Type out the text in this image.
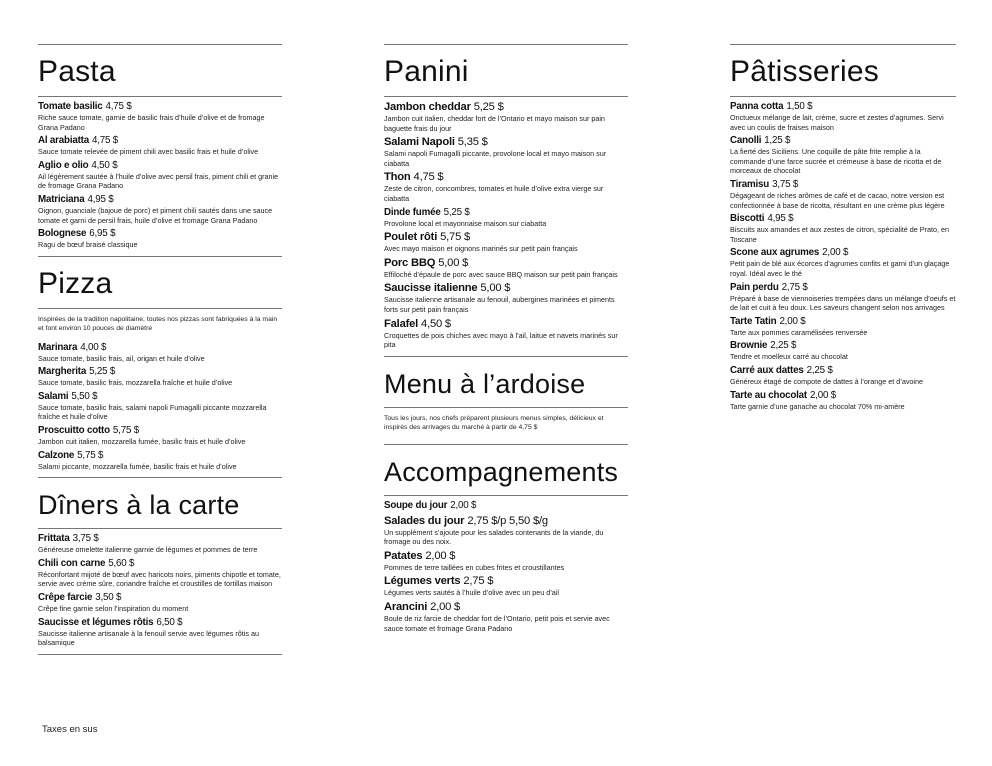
Pasta
Tomate basilic 4,75 $
Riche sauce tomate, garnie de basilic frais d’huile d’olive et de fromage Grana Padano
Al arabiatta 4,75 $
Sauce tomate relevée de piment chili avec basilic frais et huile d’olive
Aglio e olio 4,50 $
Ail légèrement sautée à l’huile d’olive avec persil frais, piment chili et granie de fromage Grana Padano
Matriciana 4,95 $
Oignon, guanciale (bajoue de porc) et piment chili sautés dans une sauce tomate et garni de persil frais, huile d’olive et fromage Grana Padano
Bolognese 6,95 $
Ragu de bœuf braisé classique
Pizza
Inspirées de la tradition napolitaine, toutes nos pizzas sont fabriquées à la main et font environ 10 pouces de diamètre
Marinara 4,00 $
Sauce tomate, basilic frais, ail, origan et huile d’olive
Margherita 5,25 $
Sauce tomate, basilic frais, mozzarella fraîche et huile d’olive
Salami 5,50 $
Sauce tomate, basilic frais, salami napoli Fumagalli piccante mozzarella fraîche et huile d’olive
Proscuitto cotto 5,75 $
Jambon cuit italien, mozzarella fumée, basilic frais et huile d’olive
Calzone 5,75 $
Salami piccante, mozzarella fumée, basilic frais et huile d’olive
Dîners à la carte
Frittata 3,75 $
Généreuse omelette italienne garnie de légumes et pommes de terre
Chili con carne 5,60 $
Réconfortant mijoté de bœuf avec haricots noirs, piments chipotle et tomate, servie avec crème sûre, coriandre fraîche et croustilles de tortillas maison
Crêpe farcie 3,50 $
Crêpe fine garnie selon l’inspiration du moment
Saucisse et légumes rôtis 6,50 $
Saucisse italienne artisanale à la fenouil servie avec légumes rôtis au balsamique
Panini
Jambon cheddar 5,25 $
Jambon cuit italien, cheddar fort de l’Ontario et mayo maison sur pain baguette frais du jour
Salami Napoli 5,35 $
Salami napoli Fumagalli piccante, provolone local et mayo maison sur ciabatta
Thon 4,75 $
Zeste de citron, concombres, tomates et huile d’olive extra vierge sur ciabatta
Dinde fumée 5,25 $
Provolone local et mayonnaise maison sur ciabatta
Poulet rôti 5,75 $
Avec mayo maison et oignons marinés sur petit pain français
Porc BBQ 5,00 $
Effiloché d’épaule de porc avec sauce BBQ maison sur petit pain français
Saucisse italienne 5,00 $
Saucisse italienne artisanale au fenouil, aubergines marinées et piments forts sur petit pain français
Falafel 4,50 $
Croquettes de pois chiches avec mayo à l’ail, laitue et navets marinés sur pita
Menu à l’ardoise
Tous les jours, nos chefs préparent plusieurs menus simples, délicieux et inspirés des arrivages du marché à partir de 4,75 $
Accompagnements
Soupe du jour 2,00 $
Salades du jour 2,75 $/p 5,50 $/g
Un supplément s’ajoute pour les salades contenants de la viande, du fromage ou des noix.
Patates 2,00 $
Pommes de terre taillées en cubes frites et croustillantes
Légumes verts 2,75 $
Légumes verts sautés à l’huile d’olive avec un peu d’ail
Arancini 2,00 $
Boule de riz farcie de cheddar fort de l’Ontario, petit pois et servie avec sauce tomate et fromage Grana Padano
Pâtisseries
Panna cotta 1,50 $
Onctueux mélange de lait, crème, sucre et zestes d’agrumes. Servi avec un coulis de fraises maison
Canolli 1,25 $
La fierté des Siciliens. Une coquille de pâte frite remplie à la commande d’une farce sucrée et crémeuse à base de ricotta et de morceaux de chocolat
Tiramisu 3,75 $
Dégageant de riches arômes de café et de cacao, notre version est confectionnée à base de ricotta, résultant en une crème plus légère
Biscotti 4,95 $
Biscuits aux amandes et aux zestes de citron, spécialité de Prato, en Toscane
Scone aux agrumes 2,00 $
Petit pain de blé aux écorces d’agrumes confits et garni d’un glaçage royal. Idéal avec le thé
Pain perdu 2,75 $
Préparé à base de viennoiseries trempées dans un mélange d’oeufs et de lait et cuit à feu doux. Les saveurs changent selon nos arrivages
Tarte Tatin 2,00 $
Tarte aux pommes caramélisées renversée
Brownie 2,25 $
Tendre et moelleux carré au chocolat
Carré aux dattes 2,25 $
Généreux étagé de compote de dattes à l’orange et d’avoine
Tarte au chocolat 2,00 $
Tarte garnie d’une ganache au chocolat 70% mi-amère
Taxes en sus
